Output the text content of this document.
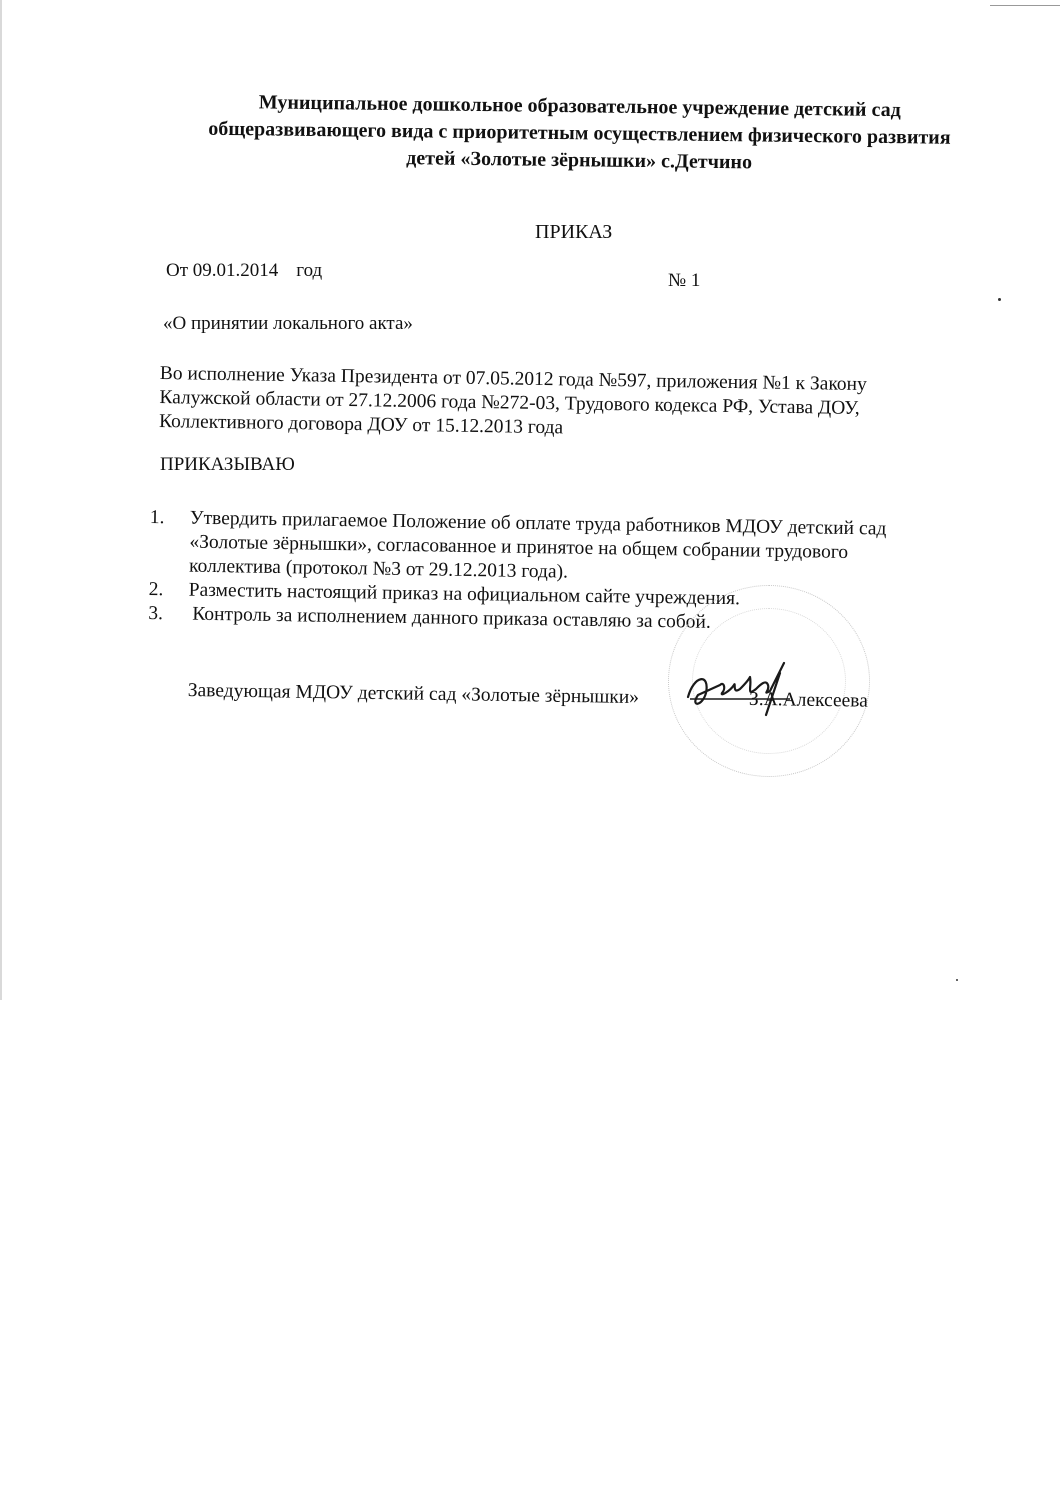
Муниципальное дошкольное образовательное учреждение детский сад
общеразвивающего вида с приоритетным осуществлением физического развития
детей «Золотые зёрнышки» с.Детчино
ПРИКАЗ
От 09.01.2014 год	№ 1
«О принятии локального акта»
Во исполнение Указа Президента от 07.05.2012 года №597, приложения №1 к Закону
Калужской области от 27.12.2006 года №272-03, Трудового кодекса РФ, Устава ДОУ,
Коллективного договора ДОУ от 15.12.2013 года
ПРИКАЗЫВАЮ
1. Утвердить прилагаемое Положение об оплате труда работников МДОУ детский сад
«Золотые зёрнышки», согласованное и принятое на общем собрании трудового
коллектива (протокол №3 от 29.12.2013 года).
2. Разместить настоящий приказ на официальном сайте учреждения.
3. Контроль за исполнением данного приказа оставляю за собой.
Заведующая МДОУ детский сад «Золотые зёрнышки»	З.А.Алексеева
